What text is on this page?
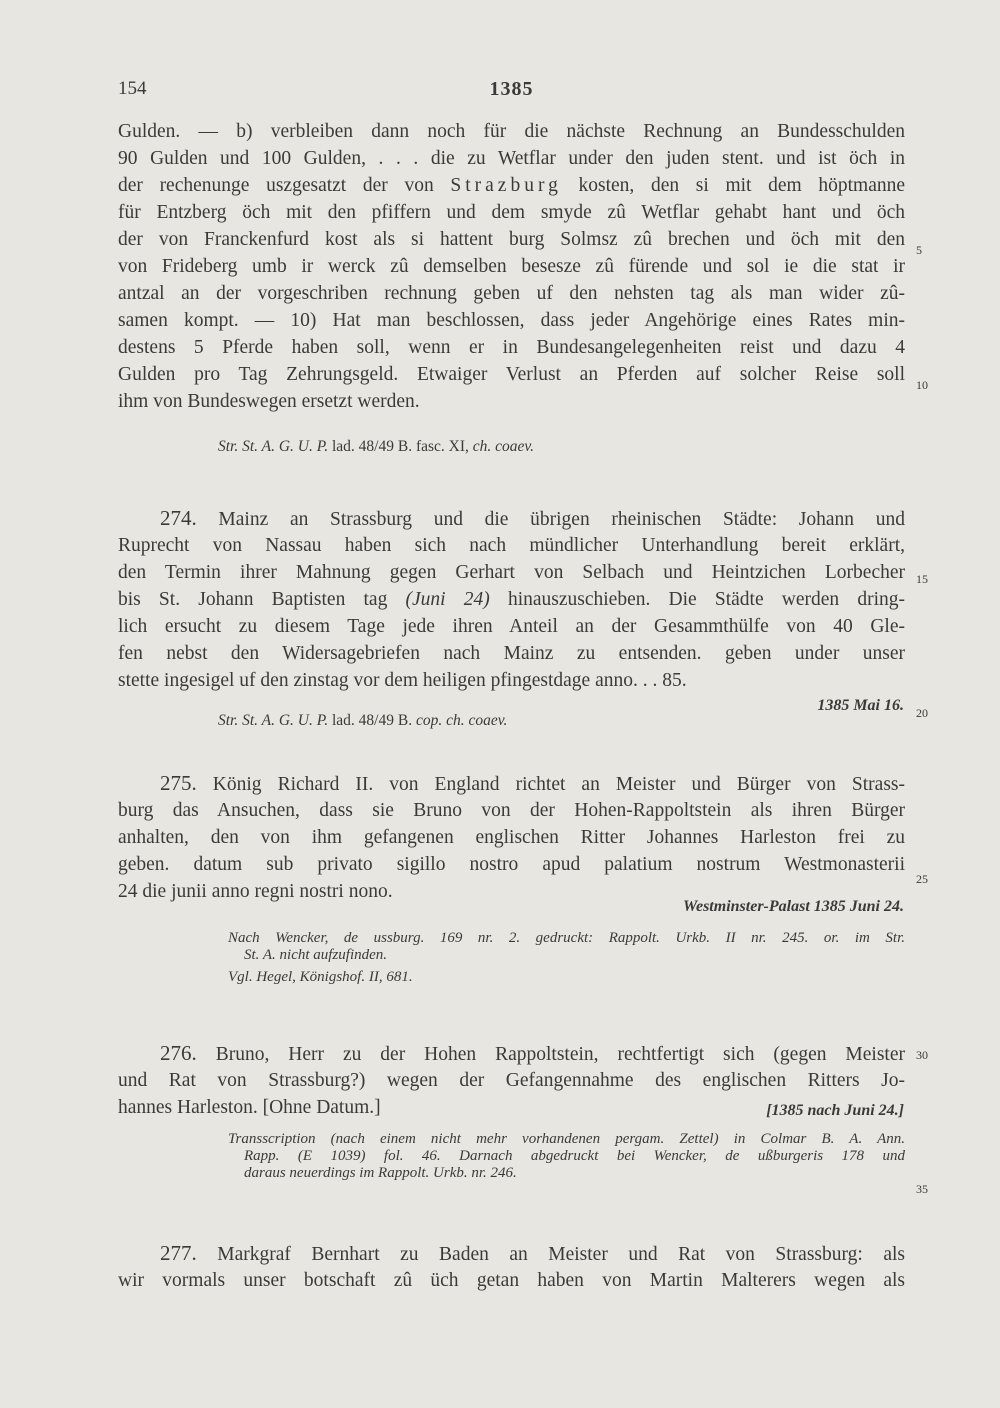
154	1385
Gulden. — b) verbleiben dann noch für die nächste Rechnung an Bundesschulden
90 Gulden und 100 Gulden, . . . die zu Wetflar under den juden stent. und ist öch in
der rechenunge uszgesatzt der von Strazburg kosten, den si mit dem höptmanne
für Entzberg öch mit den pfiffern und dem smyde zû Wetflar gehabt hant und öch
der von Franckenfurd kost als si hattent burg Solmsz zû brechen und öch mit den
von Frideberg umb ir werck zû demselben besesze zû fürende und sol ie die stat ir
antzal an der vorgeschriben rechnung geben uf den nehsten tag als man wider zû-
samen kompt. — 10) Hat man beschlossen, dass jeder Angehörige eines Rates min-
destens 5 Pferde haben soll, wenn er in Bundesangelegenheiten reist und dazu 4
Gulden pro Tag Zehrungsgeld. Etwaiger Verlust an Pferden auf solcher Reise soll
ihm von Bundeswegen ersetzt werden.
Str. St. A. G. U. P. lad. 48/49 B. fasc. XI, ch. coaev.
274. Mainz an Strassburg und die übrigen rheinischen Städte: Johann und
Ruprecht von Nassau haben sich nach mündlicher Unterhandlung bereit erklärt,
den Termin ihrer Mahnung gegen Gerhart von Selbach und Heintzichen Lorbecher
bis St. Johann Baptisten tag (Juni 24) hinauszuschieben. Die Städte werden dring-
lich ersucht zu diesem Tage jede ihren Anteil an der Gesammthülfe von 40 Gle-
fen nebst den Widersagebriefen nach Mainz zu entsenden. geben under unser
stette ingesigel uf den zinstag vor dem heiligen pfingestdage anno. . . 85.
1385 Mai 16.
Str. St. A. G. U. P. lad. 48/49 B. cop. ch. coaev.
275. König Richard II. von England richtet an Meister und Bürger von Strass-
burg das Ansuchen, dass sie Bruno von der Hohen-Rappoltstein als ihren Bürger
anhalten, den von ihm gefangenen englischen Ritter Johannes Harleston frei zu
geben. datum sub privato sigillo nostro apud palatium nostrum Westmonasterii
24 die junii anno regni nostri nono.
Westminster-Palast 1385 Juni 24.
Nach Wencker, de ussburg. 169 nr. 2. gedruckt: Rappolt. Urkb. II nr. 245. or. im Str.
St. A. nicht aufzufinden.
Vgl. Hegel, Königshof. II, 681.
276. Bruno, Herr zu der Hohen Rappoltstein, rechtfertigt sich (gegen Meister
und Rat von Strassburg?) wegen der Gefangennahme des englischen Ritters Jo-
hannes Harleston. [Ohne Datum.]	[1385 nach Juni 24.]
Transscription (nach einem nicht mehr vorhandenen pergam. Zettel) in Colmar B. A. Ann.
Rapp. (E 1039) fol. 46. Darnach abgedruckt bei Wencker, de ußburgeris 178 und
daraus neuerdings im Rappolt. Urkb. nr. 246.
277. Markgraf Bernhart zu Baden an Meister und Rat von Strassburg: als
wir vormals unser botschaft zû üch getan haben von Martin Malterers wegen als
5
10
15
20
25
30
35
